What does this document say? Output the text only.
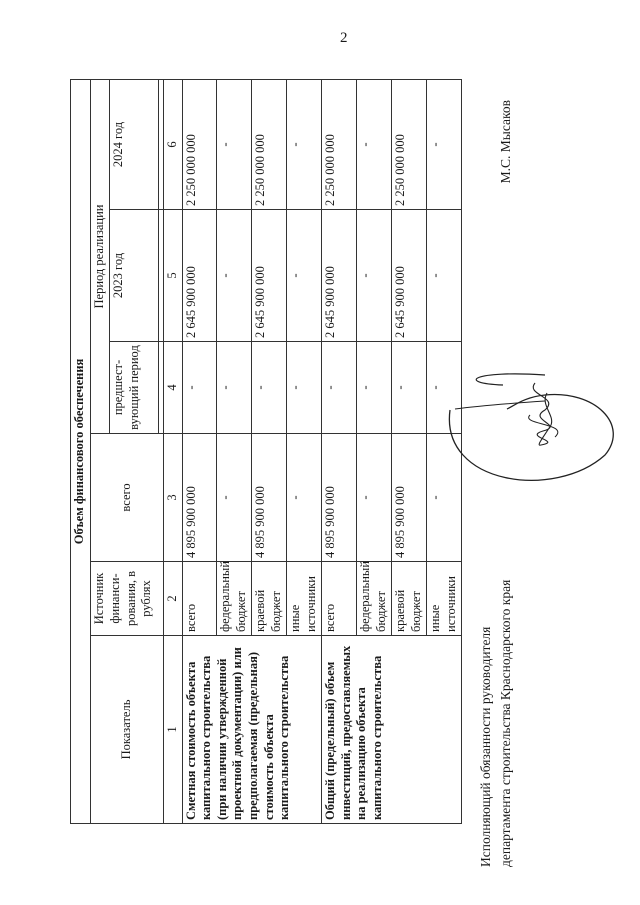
2
Объем финансового обеспечения					
Показатель	Источник финанси-рования, в рублях	всего	Период реализации		
			предшест-вующий период	2023 год	2024 год

1	2	3	4	5	6
Сметная стоимость объекта капитального строительства (при наличии утвержденной проектной документации) или предполагаемая (предельная) стоимость объекта капитального строительства	всего	4 895 900 000	-	2 645 900 000	2 250 000 000
	федеральный бюджет	-	-	-	-
	краевой бюджет	4 895 900 000	-	2 645 900 000	2 250 000 000
	иные источники	-	-	-	-
Общий (предельный) объем инвестиций, предоставляемых на реализацию объекта капитального строительства	всего	4 895 900 000	-	2 645 900 000	2 250 000 000
	федеральный бюджет	-	-	-	-
	краевой бюджет	4 895 900 000	-	2 645 900 000	2 250 000 000
	иные источники	-	-	-	-
Исполняющий обязанности руководителя департамента строительства Краснодарского края
М.С. Мысаков
